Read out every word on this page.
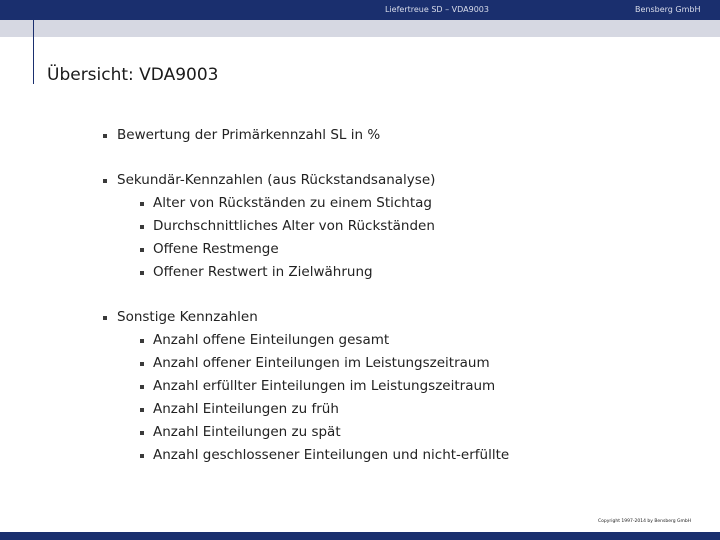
Liefertreue SD – VDA9003	Bensberg GmbH
Übersicht: VDA9003
Bewertung der Primärkennzahl SL in %
Sekundär-Kennzahlen (aus Rückstandsanalyse)
Alter von Rückständen zu einem Stichtag
Durchschnittliches Alter von Rückständen
Offene Restmenge
Offener Restwert in Zielwährung
Sonstige Kennzahlen
Anzahl offene Einteilungen gesamt
Anzahl offener Einteilungen im Leistungszeitraum
Anzahl erfüllter Einteilungen im Leistungszeitraum
Anzahl Einteilungen zu früh
Anzahl Einteilungen zu spät
Anzahl geschlossener Einteilungen und nicht-erfüllte
Copyright 1997-2014 by Bensberg GmbH
